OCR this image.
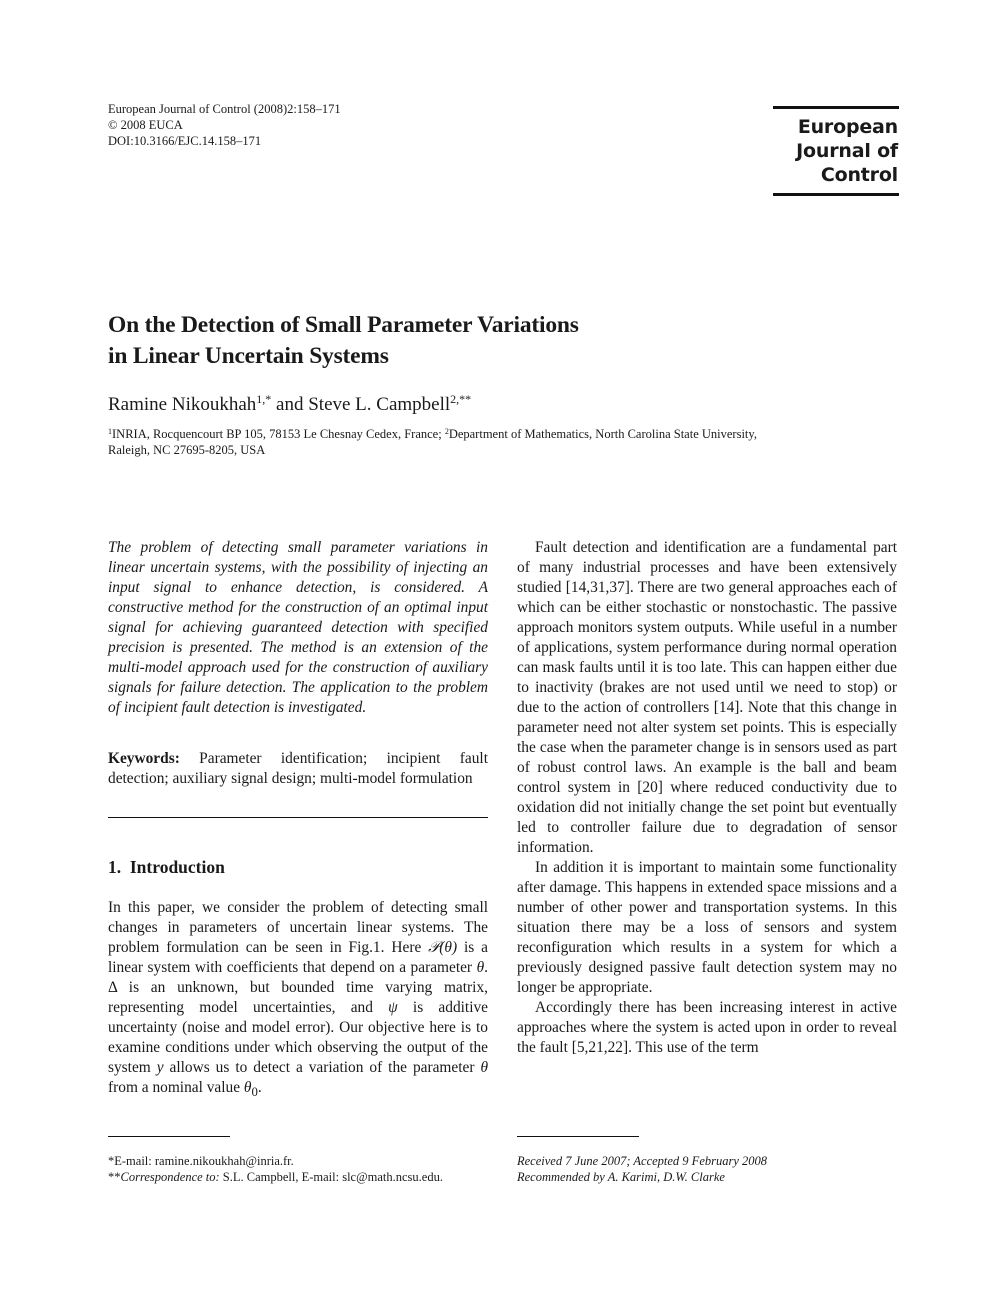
European Journal of Control (2008)2:158–171
© 2008 EUCA
DOI:10.3166/EJC.14.158–171
European
Journal of
Control
On the Detection of Small Parameter Variations
in Linear Uncertain Systems
Ramine Nikoukhah$^{1,*}$ and Steve L. Campbell$^{2,**}$
$^1$INRIA, Rocquencourt BP 105, 78153 Le Chesnay Cedex, France; $^2$Department of Mathematics, North Carolina State University,
Raleigh, NC 27695-8205, USA

The problem of detecting small parameter variations in linear uncertain systems, with the possibility of injecting an input signal to enhance detection, is considered. A constructive method for the construction of an optimal input signal for achieving guaranteed detection with specified precision is presented. The method is an extension of the multi-model approach used for the construction of auxiliary signals for failure detection. The application to the problem of incipient fault detection is investigated.

Keywords: Parameter identification; incipient fault detection; auxiliary signal design; multi-model formulation

1. Introduction

In this paper, we consider the problem of detecting small changes in parameters of uncertain linear systems. The problem formulation can be seen in Fig.1. Here 𝒫(θ) is a linear system with coefficients that depend on a parameter θ. Δ is an unknown, but bounded time varying matrix, representing model uncertainties, and ψ is additive uncertainty (noise and model error). Our objective here is to examine conditions under which observing the output of the system y allows us to detect a variation of the parameter θ from a nominal value $\theta_0$.

Fault detection and identification are a fundamental part of many industrial processes and have been extensively studied [14,31,37]. There are two general approaches each of which can be either stochastic or nonstochastic. The passive approach monitors system outputs. While useful in a number of applications, system performance during normal operation can mask faults until it is too late. This can happen either due to inactivity (brakes are not used until we need to stop) or due to the action of controllers [14]. Note that this change in parameter need not alter system set points. This is especially the case when the parameter change is in sensors used as part of robust control laws. An example is the ball and beam control system in [20] where reduced conductivity due to oxidation did not initially change the set point but eventually led to controller failure due to degradation of sensor information.

In addition it is important to maintain some functionality after damage. This happens in extended space missions and a number of other power and transportation systems. In this situation there may be a loss of sensors and system reconfiguration which results in a system for which a previously designed passive fault detection system may no longer be appropriate.

Accordingly there has been increasing interest in active approaches where the system is acted upon in order to reveal the fault [5,21,22]. This use of the term

*E-mail: ramine.nikoukhah@inria.fr.
**Correspondence to: S.L. Campbell, E-mail: slc@math.ncsu.edu.
Received 7 June 2007; Accepted 9 February 2008
Recommended by A. Karimi, D.W. Clarke
